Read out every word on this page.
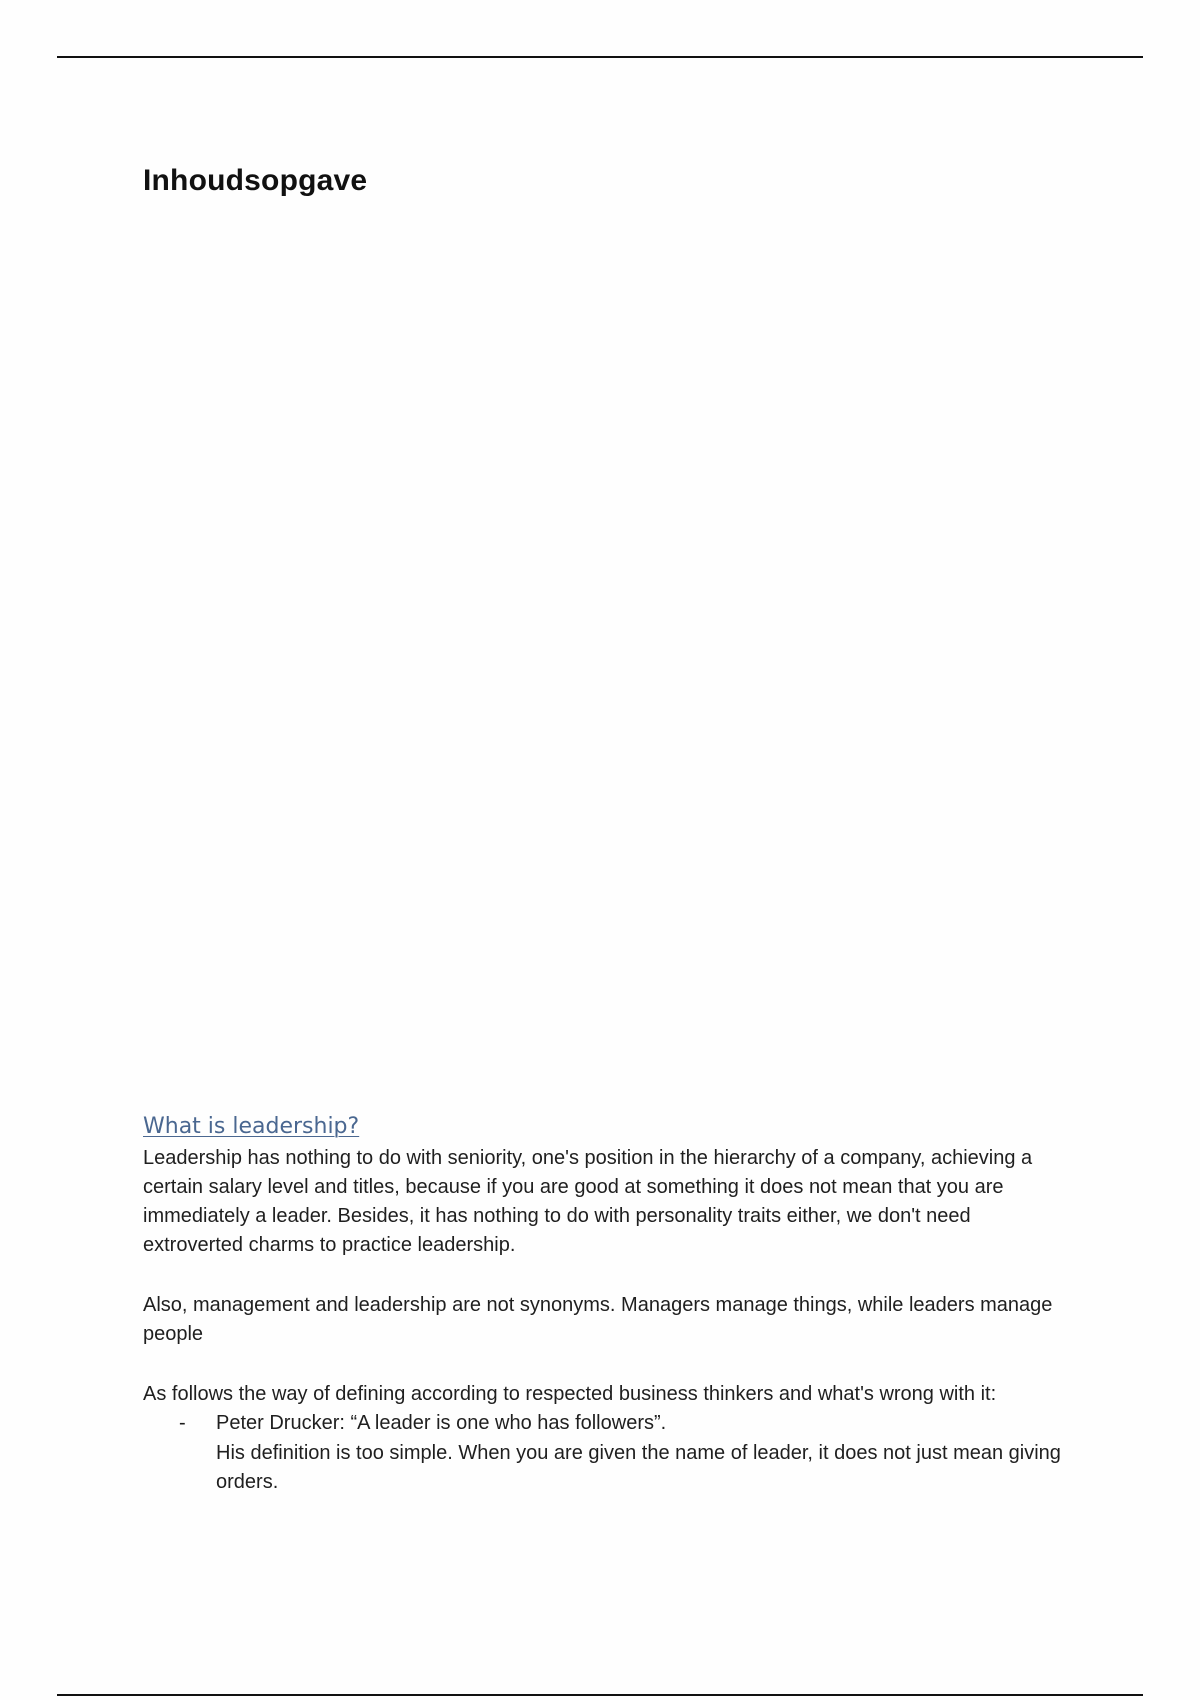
Inhoudsopgave
What is leadership?

Leadership has nothing to do with seniority, one's position in the hierarchy of a company, achieving a certain salary level and titles, because if you are good at something it does not mean that you are immediately a leader. Besides, it has nothing to do with personality traits either, we don't need extroverted charms to practice leadership.

Also, management and leadership are not synonyms. Managers manage things, while leaders manage people

As follows the way of defining according to respected business thinkers and what's wrong with it:

- Peter Drucker: “A leader is one who has followers”.
His definition is too simple. When you are given the name of leader, it does not just mean giving orders.
